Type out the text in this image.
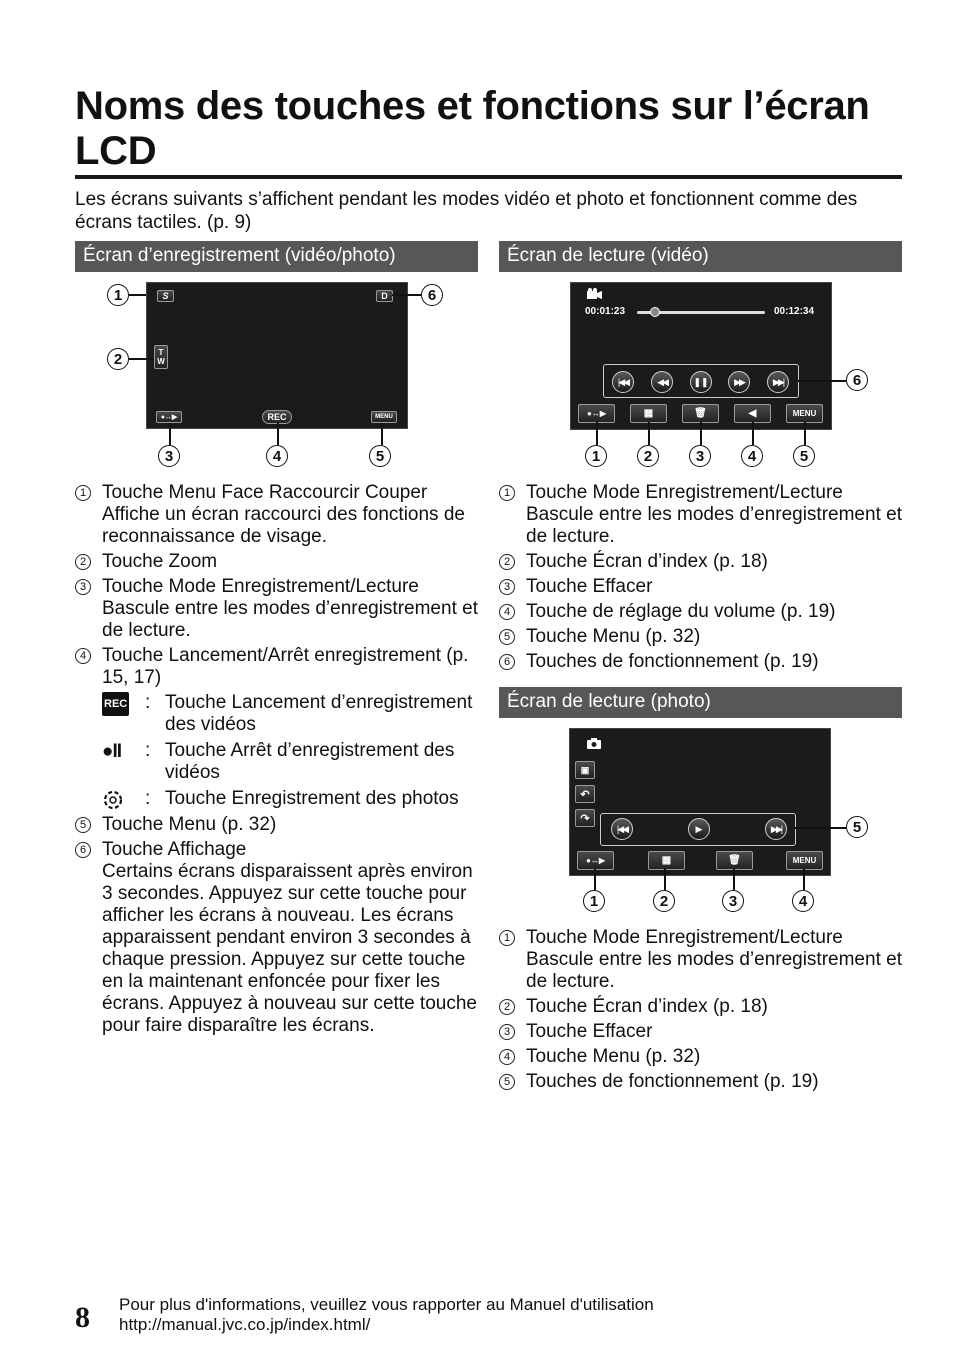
Noms des touches et fonctions sur l’écran LCD
Les écrans suivants s’affichent pendant les modes vidéo et photo et fonctionnent comme des écrans tactiles. (p. 9)
Écran d’enregistrement (vidéo/photo)
S	D
T
W
●↔▶	REC	MENU
1
2
6
3	4	5
1 Touche Menu Face Raccourcir Couper
Affiche un écran raccourci des fonctions de reconnaissance de visage.
2 Touche Zoom
3 Touche Mode Enregistrement/Lecture
Bascule entre les modes d’enregistrement et de lecture.
4 Touche Lancement/Arrêt enregistrement (p. 15, 17)
REC : Touche Lancement d’enregistrement des vidéos
●II	: Touche Arrêt d’enregistrement des vidéos
: Touche Enregistrement des photos
5 Touche Menu (p. 32)
6 Touche Affichage
Certains écrans disparaissent après environ 3 secondes. Appuyez sur cette touche pour afficher les écrans à nouveau. Les écrans apparaissent pendant environ 3 secondes à chaque pression. Appuyez sur cette touche en la maintenant enfoncée pour fixer les écrans. Appuyez à nouveau sur cette touche pour faire disparaître les écrans.
Écran de lecture (vidéo)
00:01:23	00:12:34
|◀◀	◀◀	❚❚	▶▶	▶▶|
●↔▶	▦	🗑	◀	MENU
6
1	2	3	4	5
1 Touche Mode Enregistrement/Lecture
Bascule entre les modes d’enregistrement et de lecture.
2 Touche Écran d’index (p. 18)
3 Touche Effacer
4 Touche de réglage du volume (p. 19)
5 Touche Menu (p. 32)
6 Touches de fonctionnement (p. 19)
Écran de lecture (photo)
▣
↶
↷
|◀◀	▶	▶▶|
●↔▶	▦	🗑	MENU
5
1	2	3	4
1 Touche Mode Enregistrement/Lecture
Bascule entre les modes d’enregistrement et de lecture.
2 Touche Écran d’index (p. 18)
3 Touche Effacer
4 Touche Menu (p. 32)
5 Touches de fonctionnement (p. 19)
8 Pour plus d'informations, veuillez vous rapporter au Manuel d'utilisation
http://manual.jvc.co.jp/index.html/
